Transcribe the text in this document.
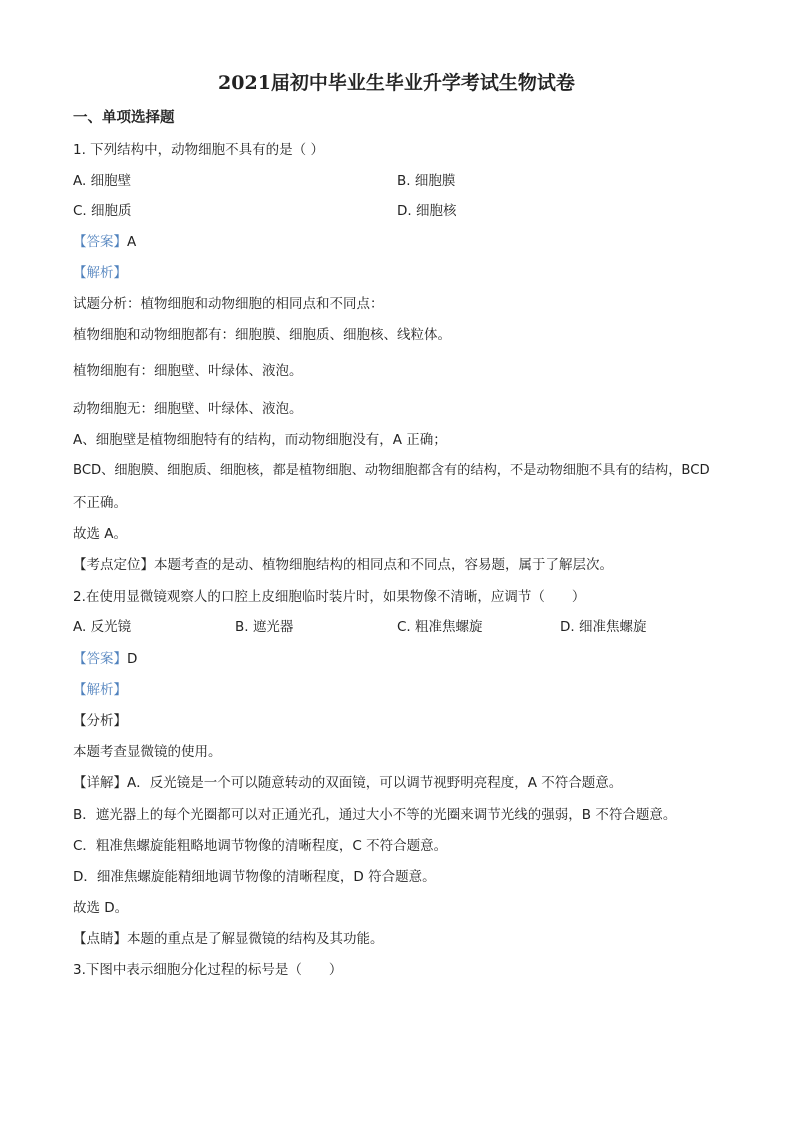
2021届初中毕业生毕业升学考试生物试卷
一、单项选择题
1. 下列结构中，动物细胞不具有的是（ ）
A. 细胞壁	B. 细胞膜
C. 细胞质	D. 细胞核
【答案】A
【解析】
试题分析：植物细胞和动物细胞的相同点和不同点：
植物细胞和动物细胞都有：细胞膜、细胞质、细胞核、线粒体。
植物细胞有：细胞壁、叶绿体、液泡。
动物细胞无：细胞壁、叶绿体、液泡。
A、细胞壁是植物细胞特有的结构，而动物细胞没有，A 正确；
BCD、细胞膜、细胞质、细胞核，都是植物细胞、动物细胞都含有的结构，不是动物细胞不具有的结构，BCD
不正确。
故选 A。
【考点定位】本题考查的是动、植物细胞结构的相同点和不同点，容易题，属于了解层次。
2.在使用显微镜观察人的口腔上皮细胞临时装片时，如果物像不清晰，应调节（　　）
A. 反光镜	B. 遮光器	C. 粗准焦螺旋	D. 细准焦螺旋
【答案】D
【解析】
【分析】
本题考查显微镜的使用。
【详解】A．反光镜是一个可以随意转动的双面镜，可以调节视野明亮程度，A 不符合题意。
B．遮光器上的每个光圈都可以对正通光孔，通过大小不等的光圈来调节光线的强弱，B 不符合题意。
C．粗准焦螺旋能粗略地调节物像的清晰程度，C 不符合题意。
D．细准焦螺旋能精细地调节物像的清晰程度，D 符合题意。
故选 D。
【点睛】本题的重点是了解显微镜的结构及其功能。
3.下图中表示细胞分化过程的标号是（　　）
